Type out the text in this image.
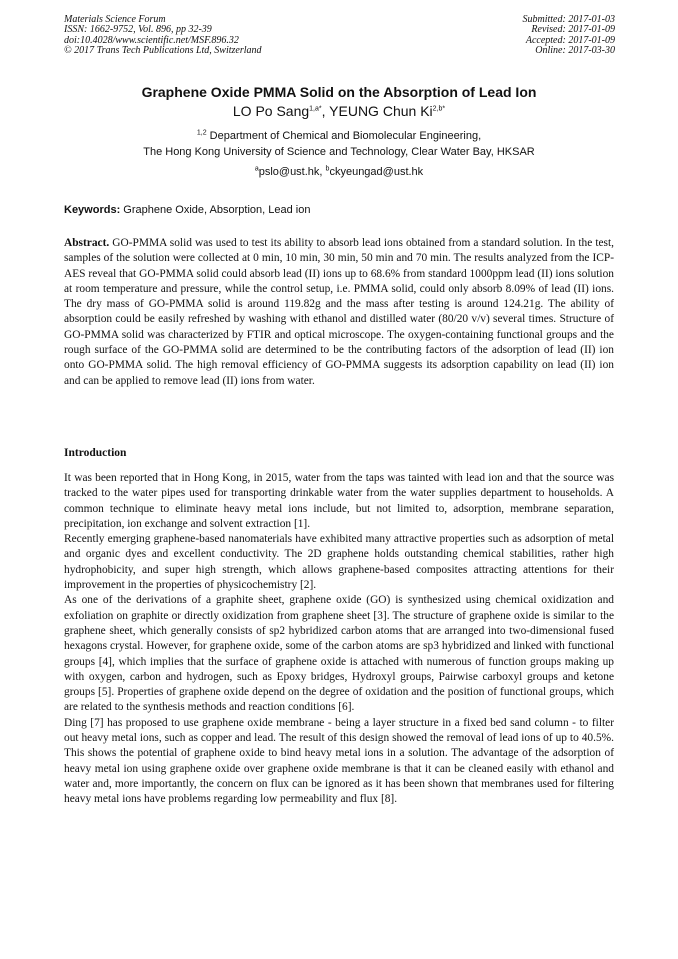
Materials Science Forum
ISSN: 1662-9752, Vol. 896, pp 32-39
doi:10.4028/www.scientific.net/MSF.896.32
© 2017 Trans Tech Publications Ltd, Switzerland
Submitted: 2017-01-03
Revised: 2017-01-09
Accepted: 2017-01-09
Online: 2017-03-30
Graphene Oxide PMMA Solid on the Absorption of Lead Ion
LO Po Sang$^{1,a*}$, YEUNG Chun $Ki^{2,b*}$
$^{1,2}$ Department of Chemical and Biomolecular Engineering,
The Hong Kong University of Science and Technology, Clear Water Bay, HKSAR
$^a$pslo@ust.hk, $^b$ckyeungad@ust.hk
Keywords: Graphene Oxide, Absorption, Lead ion

Abstract. GO-PMMA solid was used to test its ability to absorb lead ions obtained from a standard solution. In the test, samples of the solution were collected at 0 min, 10 min, 30 min, 50 min and 70 min. The results analyzed from the ICP-AES reveal that GO-PMMA solid could absorb lead (II) ions up to 68.6% from standard 1000ppm lead (II) ions solution at room temperature and pressure, while the control setup, i.e. PMMA solid, could only absorb 8.09% of lead (II) ions. The dry mass of GO-PMMA solid is around 119.82g and the mass after testing is around 124.21g. The ability of absorption could be easily refreshed by washing with ethanol and distilled water (80/20 v/v) several times. Structure of GO-PMMA solid was characterized by FTIR and optical microscope. The oxygen-containing functional groups and the rough surface of the GO-PMMA solid are determined to be the contributing factors of the adsorption of lead (II) ion onto GO-PMMA solid. The high removal efficiency of GO-PMMA suggests its adsorption capability on lead (II) ion and can be applied to remove lead (II) ions from water.

Introduction

It was been reported that in Hong Kong, in 2015, water from the taps was tainted with lead ion and that the source was tracked to the water pipes used for transporting drinkable water from the water supplies department to households. A common technique to eliminate heavy metal ions include, but not limited to, adsorption, membrane separation, precipitation, ion exchange and solvent extraction [1].

Recently emerging graphene-based nanomaterials have exhibited many attractive properties such as adsorption of metal and organic dyes and excellent conductivity. The 2D graphene holds outstanding chemical stabilities, rather high hydrophobicity, and super high strength, which allows graphene-based composites attracting attentions for their improvement in the properties of physicochemistry [2].

As one of the derivations of a graphite sheet, graphene oxide (GO) is synthesized using chemical oxidization and exfoliation on graphite or directly oxidization from graphene sheet [3]. The structure of graphene oxide is similar to the graphene sheet, which generally consists of sp2 hybridized carbon atoms that are arranged into two-dimensional fused hexagons crystal. However, for graphene oxide, some of the carbon atoms are sp3 hybridized and linked with functional groups [4], which implies that the surface of graphene oxide is attached with numerous of function groups making up with oxygen, carbon and hydrogen, such as Epoxy bridges, Hydroxyl groups, Pairwise carboxyl groups and ketone groups [5]. Properties of graphene oxide depend on the degree of oxidation and the position of functional groups, which are related to the synthesis methods and reaction conditions [6].

Ding [7] has proposed to use graphene oxide membrane - being a layer structure in a fixed bed sand column - to filter out heavy metal ions, such as copper and lead. The result of this design showed the removal of lead ions of up to 40.5%. This shows the potential of graphene oxide to bind heavy metal ions in a solution. The advantage of the adsorption of heavy metal ion using graphene oxide over graphene oxide membrane is that it can be cleaned easily with ethanol and water and, more importantly, the concern on flux can be ignored as it has been shown that membranes used for filtering heavy metal ions have problems regarding low permeability and flux [8].
